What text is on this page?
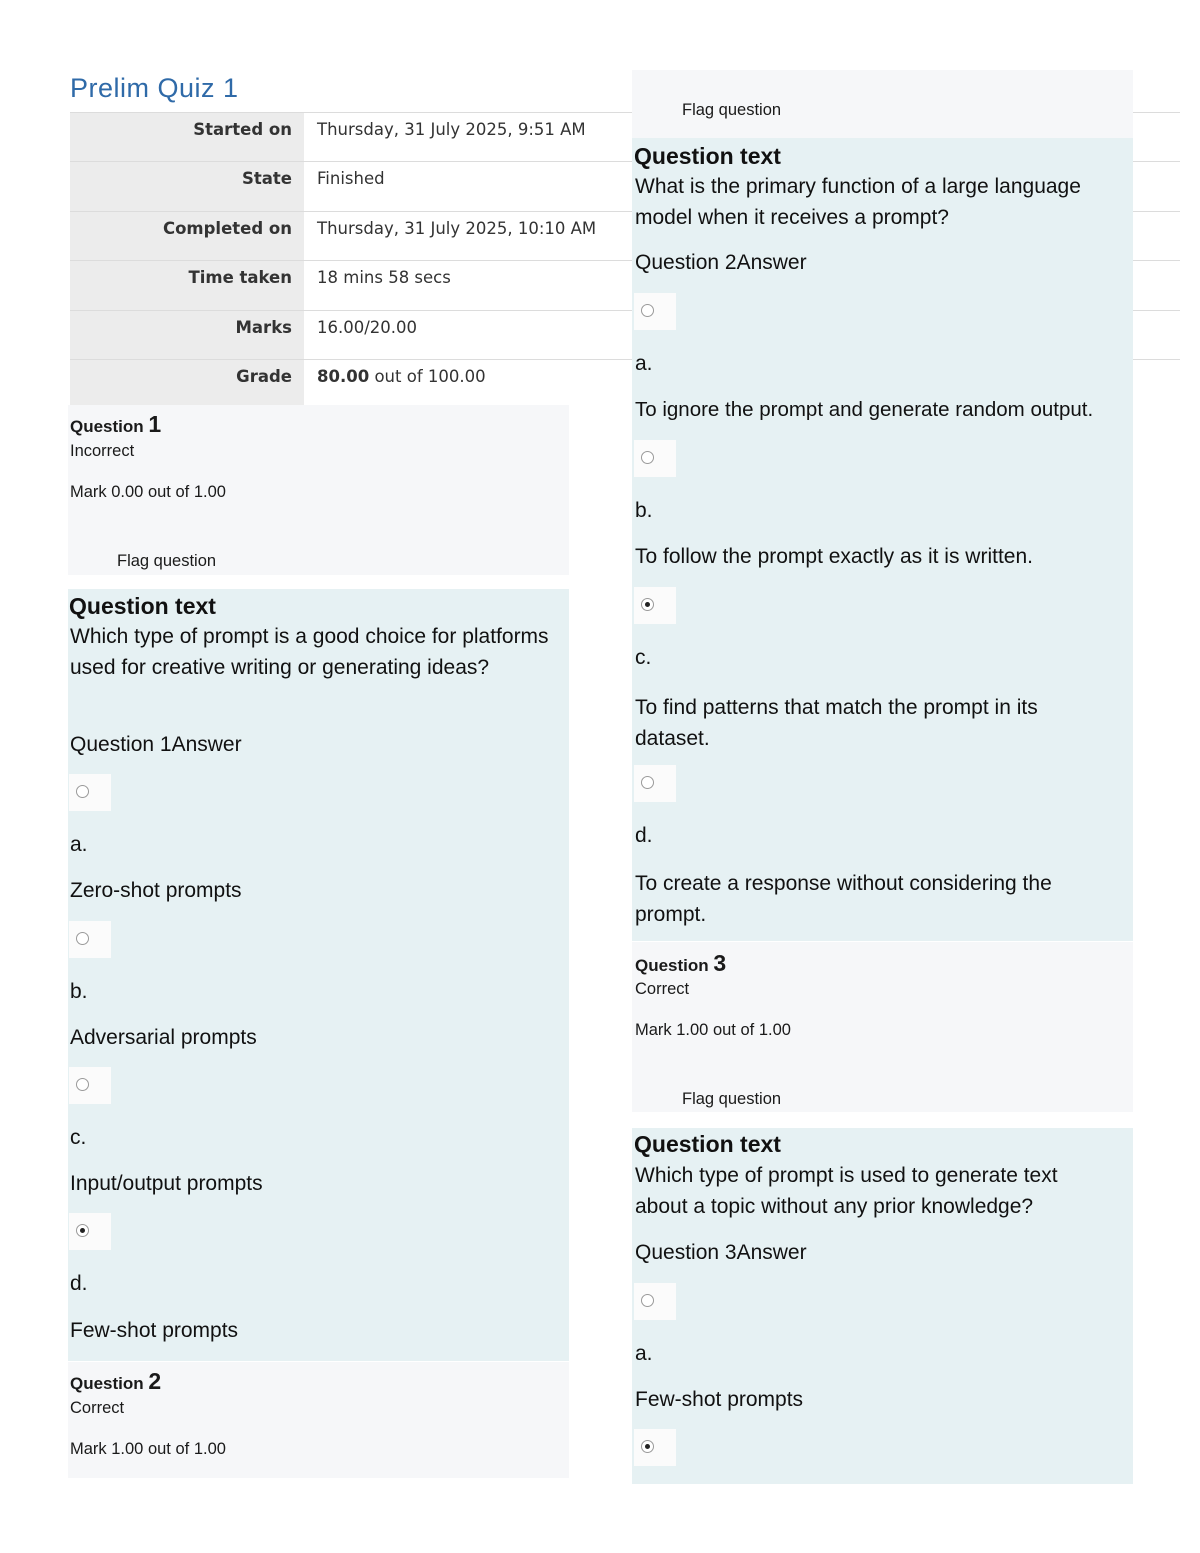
Prelim Quiz 1
Started on	Thursday, 31 July 2025, 9:51 AM
State	Finished
Completed on	Thursday, 31 July 2025, 10:10 AM
Time taken	18 mins 58 secs
Marks	16.00/20.00
Grade	80.00 out of 100.00
Question 1
Incorrect
Mark 0.00 out of 1.00
Flag question
Question text
Which type of prompt is a good choice for platforms used for creative writing or generating ideas?
Question 1Answer
a.
Zero-shot prompts
b.
Adversarial prompts
c.
Input/output prompts
d.
Few-shot prompts
Question 2
Correct
Mark 1.00 out of 1.00
Flag question
Question text
What is the primary function of a large language model when it receives a prompt?
Question 2Answer
a.
To ignore the prompt and generate random output.
b.
To follow the prompt exactly as it is written.
c.
To find patterns that match the prompt in its dataset.
d.
To create a response without considering the prompt.
Question 3
Correct
Mark 1.00 out of 1.00
Flag question
Question text
Which type of prompt is used to generate text about a topic without any prior knowledge?
Question 3Answer
a.
Few-shot prompts
